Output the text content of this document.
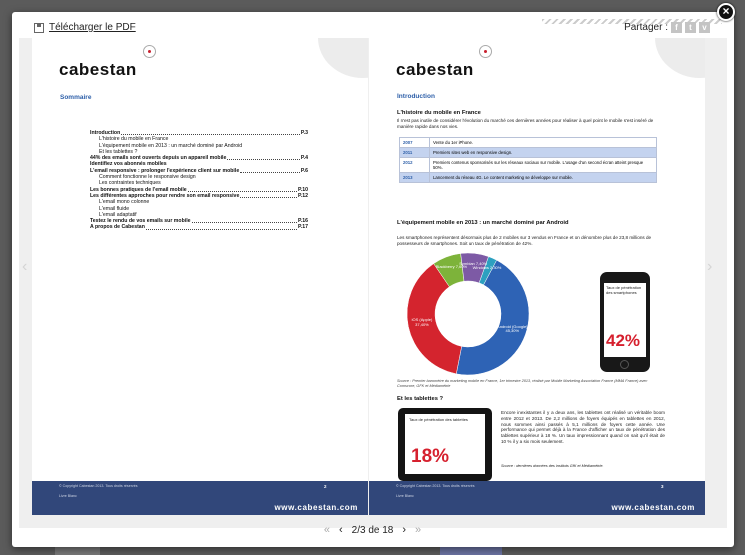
Télécharger le PDF	Partager : f	t	v
×
‹	›
cabestan
Sommaire
Introduction	P.3
L'histoire du mobile en France
L'équipement mobile en 2013 : un marché dominé par Android
Et les tablettes ?
44% des emails sont ouverts depuis un appareil mobile	P.4
Identifiez vos abonnés mobiles
L'email responsive : prolonger l'expérience client sur mobile	P.6
Comment fonctionne le responsive design
Les contraintes techniques
Les bonnes pratiques de l'email mobile	P.10
Les différentes approches pour rendre son email responsive	P.12
L'email mono colonne
L'email fluide
L'email adaptatif
Testez le rendu de vos emails sur mobile	P.16
A propos de Cabestan	P.17
© Copyright Cabestan 2013. Tous droits réservés
Livre Blanc
2
www.cabestan.com
cabestan
Introduction
L'histoire du mobile en France
Il n'est pas inutile de considérer l'évolution du marché ces dernières années pour réaliser à quel point le mobile s'est inséré de manière rapide dans nos vies.
2007	Vente du 1er iPhone.
2011	Premiers sites web en responsive design.
2012	Premiers contenus sponsorisés sur les réseaux sociaux sur mobile. L'usage d'un second écran atteint presque 50%.
2013	Lancement du réseau 4G. Le content marketing se développe sur mobile.
L'équipement mobile en 2013 : un marché dominé par Android
Les smartphones représentent désormais plus de 2 mobiles sur 3 vendus en France et on dénombre plus de 23,8 millions de possesseurs de smartphones. Soit un taux de pénétration de 42%.
Android (Google) 45,30%
iOS (Apple) 37,40%
Blackberry 7,60%
Symbian 7,40%
Windows 2,30%
Taux de pénétration des smartphones
42%
Source : Premier baromètre du marketing mobile en France, 1er trimestre 2013, réalisé par Mobile Marketing Association France (MMA France) avec Comscore, GFK et Médiamétrie
Et les tablettes ?
Taux de pénétration des tablettes
18%
Encore inexistantes il y a deux ans, les tablettes ont réalisé un véritable boom entre 2012 et 2013. De 2,2 millions de foyers équipés en tablettes en 2012, nous sommes ainsi passés à 5,1 millions de foyers cette année. Une performance qui permet déjà à la France d'afficher un taux de pénétration des tablettes supérieur à 18 %. Un taux impressionnant quand on sait qu'il était de 10 % il y a six mois seulement.
Source : dernières données des instituts GfK et Médiamétrie.
© Copyright Cabestan 2013. Tous droits réservés
Livre Blanc
3
www.cabestan.com
« ‹ 2/3 de 18 › »
